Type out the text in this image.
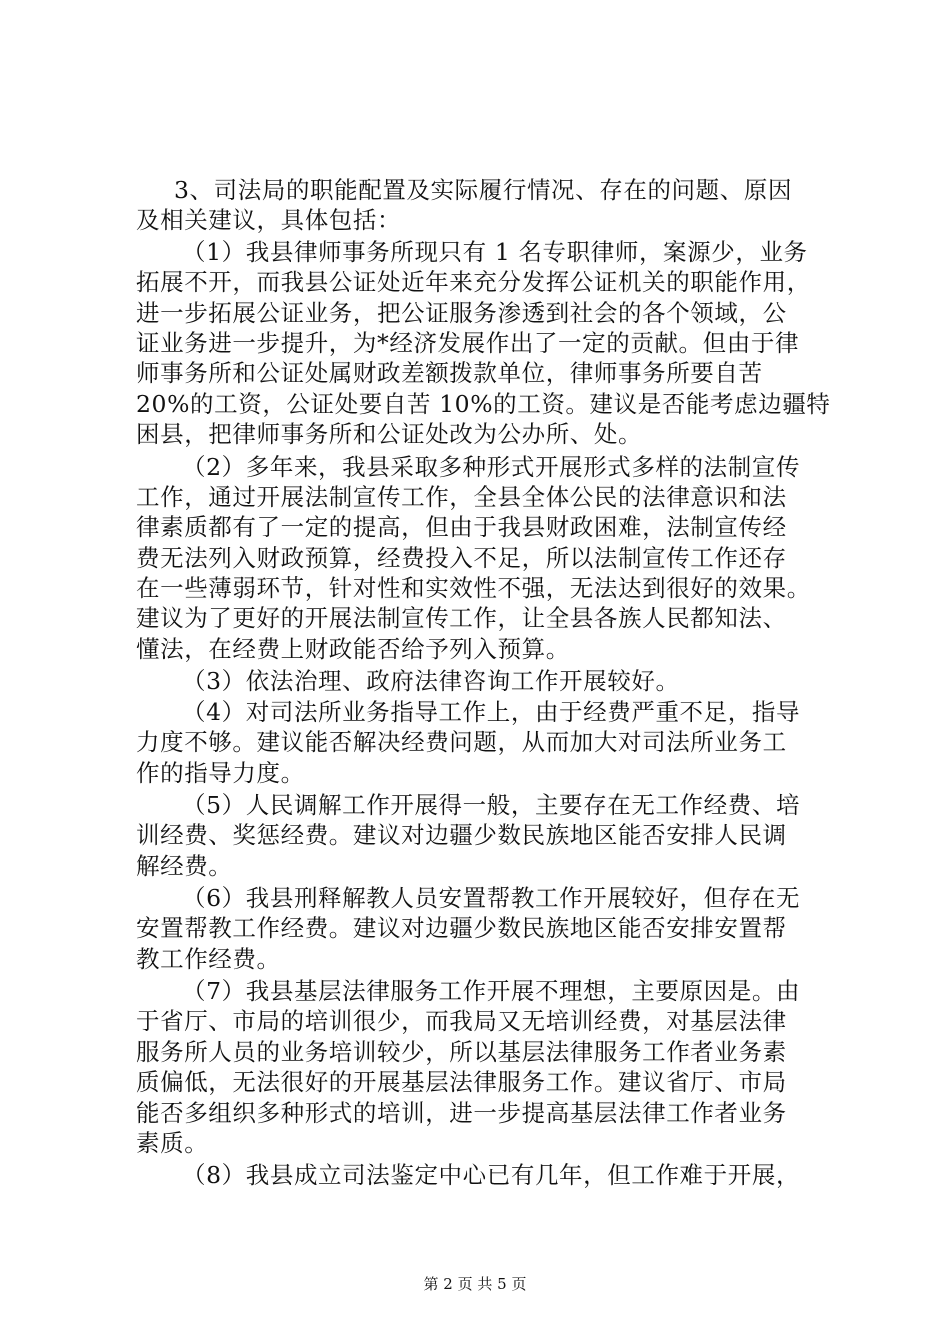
3、司法局的职能配置及实际履行情况、存在的问题、原因
及相关建议，具体包括：
（1）我县律师事务所现只有 1 名专职律师，案源少，业务
拓展不开，而我县公证处近年来充分发挥公证机关的职能作用，
进一步拓展公证业务，把公证服务渗透到社会的各个领域，公
证业务进一步提升，为*经济发展作出了一定的贡献。但由于律
师事务所和公证处属财政差额拨款单位，律师事务所要自苦
20%的工资，公证处要自苦 10%的工资。建议是否能考虑边疆特
困县，把律师事务所和公证处改为公办所、处。
（2）多年来，我县采取多种形式开展形式多样的法制宣传
工作，通过开展法制宣传工作，全县全体公民的法律意识和法
律素质都有了一定的提高，但由于我县财政困难，法制宣传经
费无法列入财政预算，经费投入不足，所以法制宣传工作还存
在一些薄弱环节，针对性和实效性不强，无法达到很好的效果。
建议为了更好的开展法制宣传工作，让全县各族人民都知法、
懂法，在经费上财政能否给予列入预算。
（3）依法治理、政府法律咨询工作开展较好。
（4）对司法所业务指导工作上，由于经费严重不足，指导
力度不够。建议能否解决经费问题，从而加大对司法所业务工
作的指导力度。
（5）人民调解工作开展得一般，主要存在无工作经费、培
训经费、奖惩经费。建议对边疆少数民族地区能否安排人民调
解经费。
（6）我县刑释解教人员安置帮教工作开展较好，但存在无
安置帮教工作经费。建议对边疆少数民族地区能否安排安置帮
教工作经费。
（7）我县基层法律服务工作开展不理想，主要原因是。由
于省厅、市局的培训很少，而我局又无培训经费，对基层法律
服务所人员的业务培训较少，所以基层法律服务工作者业务素
质偏低，无法很好的开展基层法律服务工作。建议省厅、市局
能否多组织多种形式的培训，进一步提高基层法律工作者业务
素质。
（8）我县成立司法鉴定中心已有几年，但工作难于开展，
第 2 页 共 5 页
